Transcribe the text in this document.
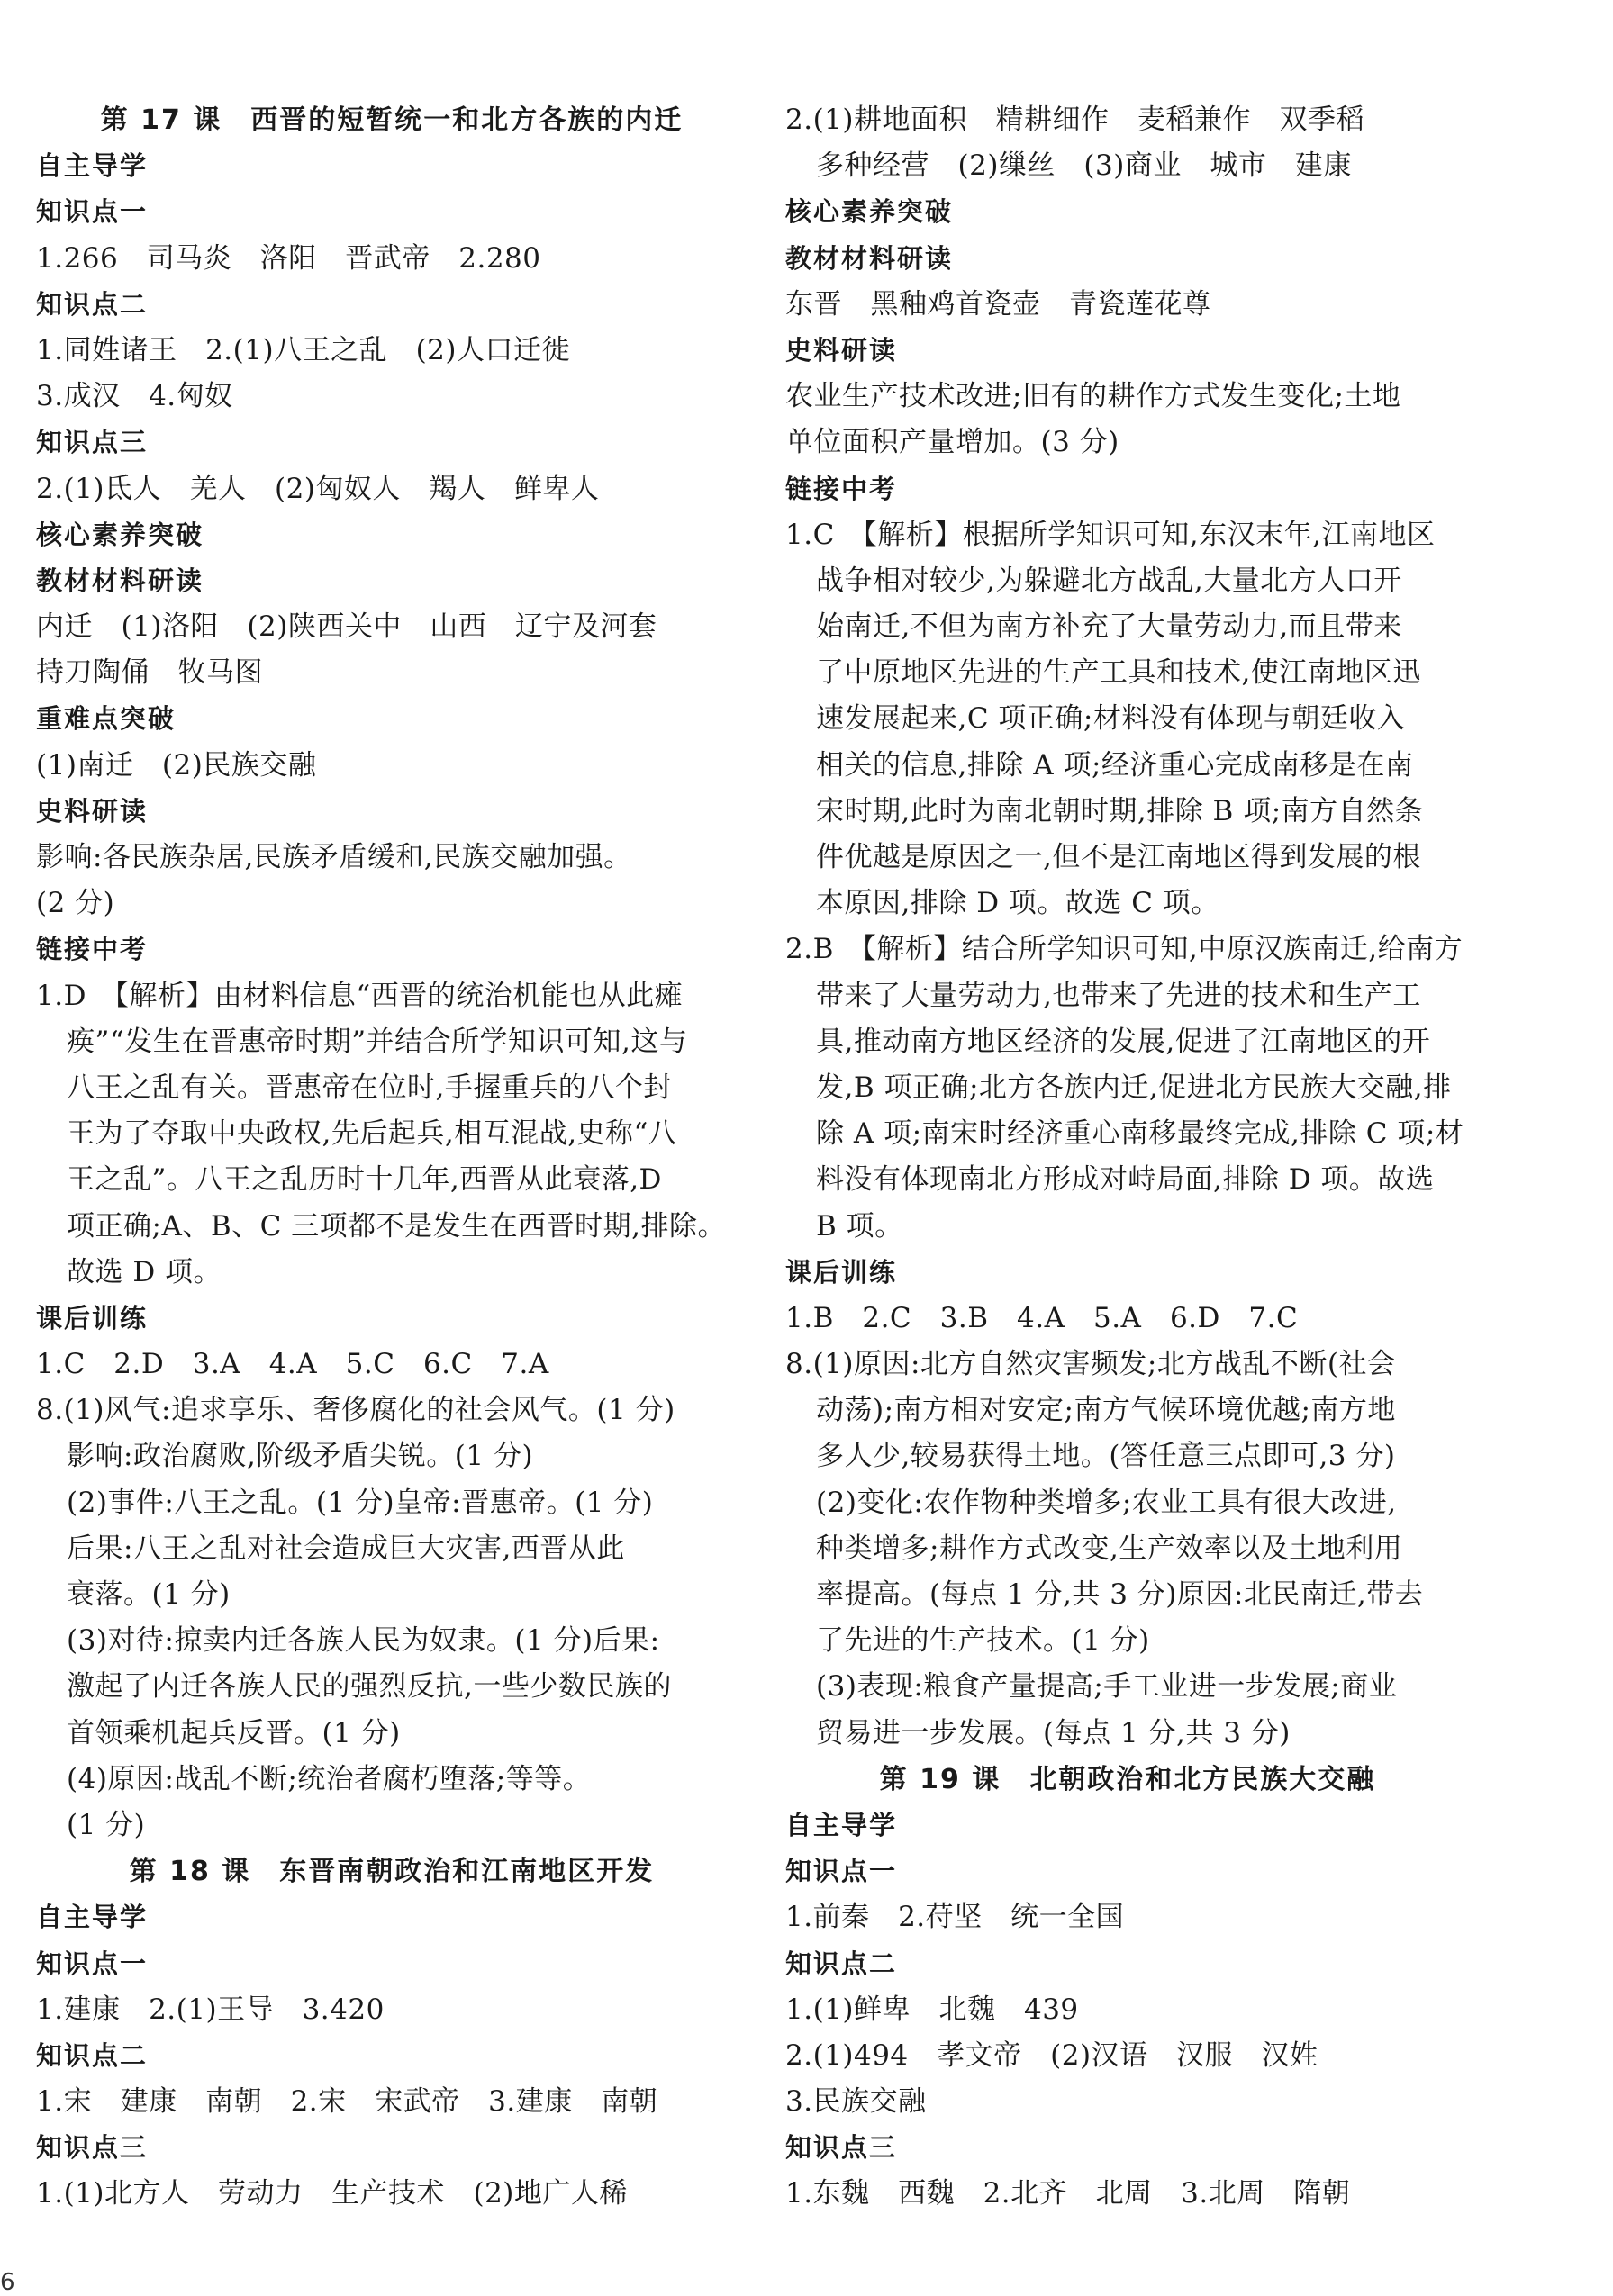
第 17 课　西晋的短暂统一和北方各族的内迁
自主导学
知识点一
1.266　司马炎　洛阳　晋武帝　2.280
知识点二
1.同姓诸王　2.(1)八王之乱　(2)人口迁徙
3.成汉　4.匈奴
知识点三
2.(1)氐人　羌人　(2)匈奴人　羯人　鲜卑人
核心素养突破
教材材料研读
内迁　(1)洛阳　(2)陕西关中　山西　辽宁及河套
持刀陶俑　牧马图
重难点突破
(1)南迁　(2)民族交融
史料研读
影响:各民族杂居,民族矛盾缓和,民族交融加强。
(2 分)
链接中考
1.D　【解析】由材料信息“西晋的统治机能也从此瘫
痪”“发生在晋惠帝时期”并结合所学知识可知,这与
八王之乱有关。晋惠帝在位时,手握重兵的八个封
王为了夺取中央政权,先后起兵,相互混战,史称“八
王之乱”。八王之乱历时十几年,西晋从此衰落,D
项正确;A、B、C 三项都不是发生在西晋时期,排除。
故选 D 项。
课后训练
1.C　2.D　3.A　4.A　5.C　6.C　7.A
8.(1)风气:追求享乐、奢侈腐化的社会风气。(1 分)
影响:政治腐败,阶级矛盾尖锐。(1 分)
(2)事件:八王之乱。(1 分)皇帝:晋惠帝。(1 分)
后果:八王之乱对社会造成巨大灾害,西晋从此
衰落。(1 分)
(3)对待:掠卖内迁各族人民为奴隶。(1 分)后果:
激起了内迁各族人民的强烈反抗,一些少数民族的
首领乘机起兵反晋。(1 分)
(4)原因:战乱不断;统治者腐朽堕落;等等。
(1 分)
第 18 课　东晋南朝政治和江南地区开发
自主导学
知识点一
1.建康　2.(1)王导　3.420
知识点二
1.宋　建康　南朝　2.宋　宋武帝　3.建康　南朝
知识点三
1.(1)北方人　劳动力　生产技术　(2)地广人稀
2.(1)耕地面积　精耕细作　麦稻兼作　双季稻
多种经营　(2)缫丝　(3)商业　城市　建康
核心素养突破
教材材料研读
东晋　黑釉鸡首瓷壶　青瓷莲花尊
史料研读
农业生产技术改进;旧有的耕作方式发生变化;土地
单位面积产量增加。(3 分)
链接中考
1.C　【解析】根据所学知识可知,东汉末年,江南地区
战争相对较少,为躲避北方战乱,大量北方人口开
始南迁,不但为南方补充了大量劳动力,而且带来
了中原地区先进的生产工具和技术,使江南地区迅
速发展起来,C 项正确;材料没有体现与朝廷收入
相关的信息,排除 A 项;经济重心完成南移是在南
宋时期,此时为南北朝时期,排除 B 项;南方自然条
件优越是原因之一,但不是江南地区得到发展的根
本原因,排除 D 项。故选 C 项。
2.B　【解析】结合所学知识可知,中原汉族南迁,给南方
带来了大量劳动力,也带来了先进的技术和生产工
具,推动南方地区经济的发展,促进了江南地区的开
发,B 项正确;北方各族内迁,促进北方民族大交融,排
除 A 项;南宋时经济重心南移最终完成,排除 C 项;材
料没有体现南北方形成对峙局面,排除 D 项。故选
B 项。
课后训练
1.B　2.C　3.B　4.A　5.A　6.D　7.C
8.(1)原因:北方自然灾害频发;北方战乱不断(社会
动荡);南方相对安定;南方气候环境优越;南方地
多人少,较易获得土地。(答任意三点即可,3 分)
(2)变化:农作物种类增多;农业工具有很大改进,
种类增多;耕作方式改变,生产效率以及土地利用
率提高。(每点 1 分,共 3 分)原因:北民南迁,带去
了先进的生产技术。(1 分)
(3)表现:粮食产量提高;手工业进一步发展;商业
贸易进一步发展。(每点 1 分,共 3 分)
第 19 课　北朝政治和北方民族大交融
自主导学
知识点一
1.前秦　2.苻坚　统一全国
知识点二
1.(1)鲜卑　北魏　439
2.(1)494　孝文帝　(2)汉语　汉服　汉姓
3.民族交融
知识点三
1.东魏　西魏　2.北齐　北周　3.北周　隋朝
6
